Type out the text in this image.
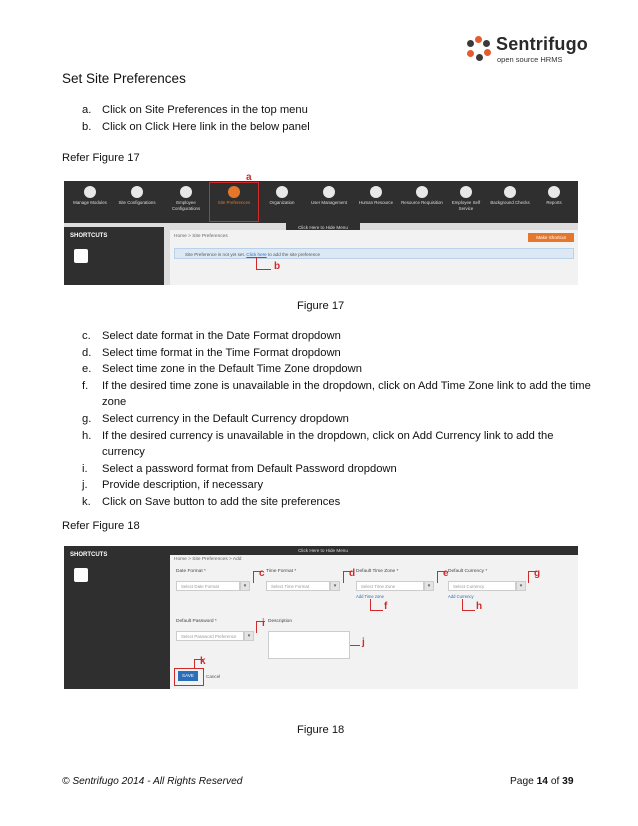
Sentrifugo
open source HRMS
Set Site Preferences
a. Click on Site Preferences in the top menu
b. Click on Click Here link in the below panel
Refer Figure 17
Manage Modules	Site Configurations	Employee Configurations
Site Preferences	Organization	User Management	Human Resource	Resource Requisition	Employee Self Service
Background Checks	Reports
a
Click Here to Hide Menu
SHORTCUTS	Home > Site Preferences	Make Shortcut
Site Preference is not yet set. Click here to add the site preference
b
Figure 17
c. Select date format in the Date Format dropdown
d. Select time format in the Time Format dropdown
e. Select time zone in the Default Time Zone dropdown
f. If the desired time zone is unavailable in the dropdown, click on Add Time Zone link to add the time zone
g. Select currency in the Default Currency dropdown
h. If the desired currency is unavailable in the dropdown, click on Add Currency link to add the currency
i. Select a password format from Default Password dropdown
j. Provide description, if necessary
k. Click on Save button to add the site preferences
Refer Figure 18
SHORTCUTS
Click Here to Hide Menu
Home > Site Preferences > Add
Date Format *
Select Date Format	▾
c Time Format *
Select Time Format	▾
d Default Time Zone *
Select Time Zone	▾
Add Time zone
f
e Default Currency *
Select Currency	▾
Add Currency
h
g
Default Password *
Select Password Preference	▾
i Description
j
SAVE
k
Cancel
Figure 18
© Sentrifugo 2014 - All Rights Reserved	Page 14 of 39
